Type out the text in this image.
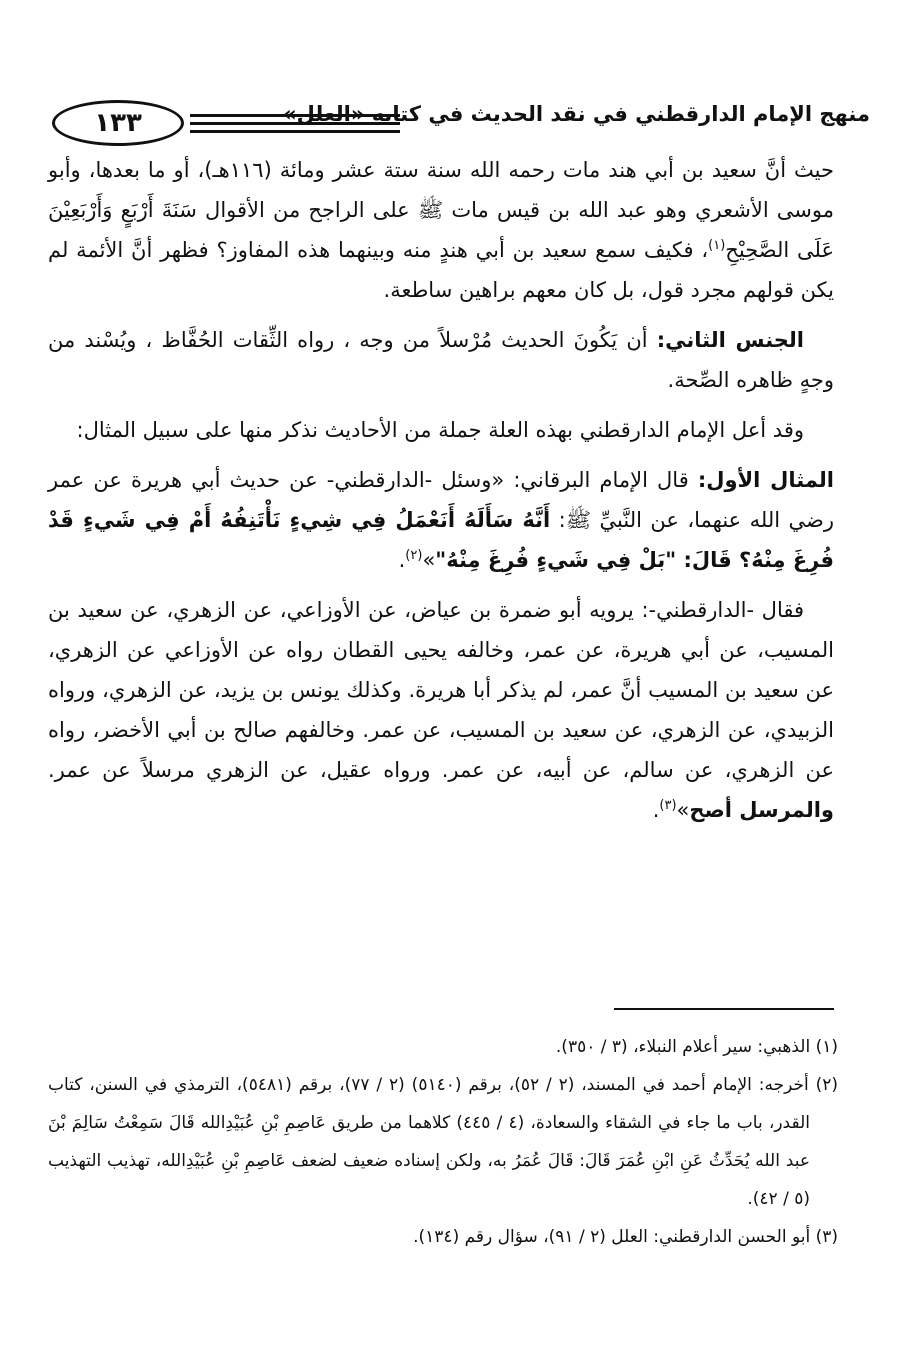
١٣٣	منهج الإمام الدارقطني في نقد الحديث في كتابه «العلل»

حيث أنَّ سعيد بن أبي هند مات رحمه الله سنة ستة عشر ومائة (١١٦هـ)، أو ما بعدها، وأبو موسى الأشعري وهو عبد الله بن قيس مات ﷺ على الراجح من الأقوال سَنَةَ أَرْبَعٍ وَأَرْبَعِيْنَ عَلَى الصَّحِيْحِ$^{(١)}$، فكيف سمع سعيد بن أبي هندٍ منه وبينهما هذه المفاوز؟ فظهر أنَّ الأئمة لم يكن قولهم مجرد قول، بل كان معهم براهين ساطعة.

الجنس الثاني: أن يَكُونَ الحديث مُرْسلاً من وجه ، رواه الثِّقات الحُفَّاظ ، ويُسْند من وجهٍ ظاهره الصِّحة.

وقد أعل الإمام الدارقطني بهذه العلة جملة من الأحاديث نذكر منها على سبيل المثال:

المثال الأول: قال الإمام البرقاني: «وسئل -الدارقطني- عن حديث أبي هريرة عن عمر رضي الله عنهما، عن النَّبيِّ ﷺ: أَنَّهُ سَأَلَهُ أَنَعْمَلُ فِي شِيءٍ نَأْتَنِفُهُ أَمْ فِي شَيءٍ قَدْ فُرِغَ مِنْهُ؟ قَالَ: "بَلْ فِي شَيءٍ فُرِغَ مِنْهُ"»$^{(٢)}$.

فقال -الدارقطني-: يرويه أبو ضمرة بن عياض، عن الأوزاعي، عن الزهري، عن سعيد بن المسيب، عن أبي هريرة، عن عمر، وخالفه يحيى القطان رواه عن الأوزاعي عن الزهري، عن سعيد بن المسيب أنَّ عمر، لم يذكر أبا هريرة. وكذلك يونس بن يزيد، عن الزهري، ورواه الزبيدي، عن الزهري، عن سعيد بن المسيب، عن عمر. وخالفهم صالح بن أبي الأخضر، رواه عن الزهري، عن سالم، عن أبيه، عن عمر. ورواه عقيل، عن الزهري مرسلاً عن عمر. والمرسل أصح»$^{(٣)}$.

(١) الذهبي: سير أعلام النبلاء، (٣ / ٣٥٠).

(٢) أخرجه: الإمام أحمد في المسند، (٢ / ٥٢)، برقم (٥١٤٠) (٢ / ٧٧)، برقم (٥٤٨١)، الترمذي في السنن، كتاب القدر، باب ما جاء في الشقاء والسعادة، (٤ / ٤٤٥) كلاهما من طريق عَاصِمِ بْنِ عُبَيْدِالله قَالَ سَمِعْتُ سَالِمَ بْنَ عبد الله يُحَدِّثُ عَنِ ابْنِ عُمَرَ قَالَ: قَالَ عُمَرُ به، ولكن إسناده ضعيف لضعف عَاصِمِ بْنِ عُبَيْدِالله، تهذيب التهذيب (٥ / ٤٢).

(٣) أبو الحسن الدارقطني: العلل (٢ / ٩١)، سؤال رقم (١٣٤).
